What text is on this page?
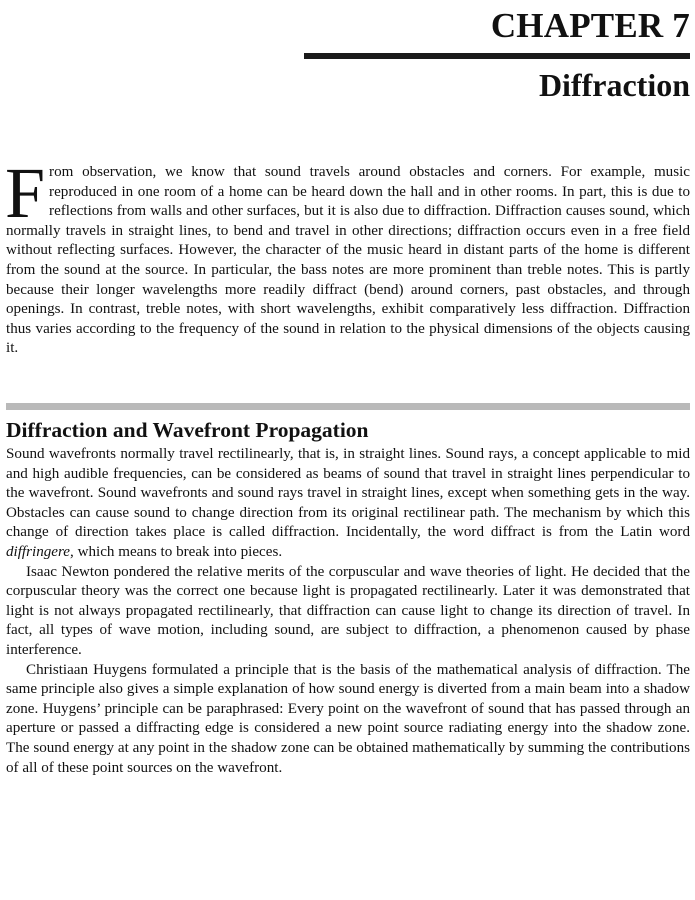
CHAPTER 7
Diffraction

From observation, we know that sound travels around obstacles and corners. For example, music reproduced in one room of a home can be heard down the hall and in other rooms. In part, this is due to reflections from walls and other surfaces, but it is also due to diffraction. Diffraction causes sound, which normally travels in straight lines, to bend and travel in other directions; diffraction occurs even in a free field without reflecting surfaces. However, the character of the music heard in distant parts of the home is different from the sound at the source. In particular, the bass notes are more prominent than treble notes. This is partly because their longer wavelengths more readily diffract (bend) around corners, past obstacles, and through openings. In contrast, treble notes, with short wavelengths, exhibit comparatively less diffraction. Diffraction thus varies according to the frequency of the sound in relation to the physical dimensions of the objects causing it.

Diffraction and Wavefront Propagation

Sound wavefronts normally travel rectilinearly, that is, in straight lines. Sound rays, a concept applicable to mid and high audible frequencies, can be considered as beams of sound that travel in straight lines perpendicular to the wavefront. Sound wavefronts and sound rays travel in straight lines, except when something gets in the way. Obstacles can cause sound to change direction from its original rectilinear path. The mechanism by which this change of direction takes place is called diffraction. Incidentally, the word diffract is from the Latin word diffringere, which means to break into pieces.

Isaac Newton pondered the relative merits of the corpuscular and wave theories of light. He decided that the corpuscular theory was the correct one because light is propagated rectilinearly. Later it was demonstrated that light is not always propagated rectilinearly, that diffraction can cause light to change its direction of travel. In fact, all types of wave motion, including sound, are subject to diffraction, a phenomenon caused by phase interference.

Christiaan Huygens formulated a principle that is the basis of the mathematical analysis of diffraction. The same principle also gives a simple explanation of how sound energy is diverted from a main beam into a shadow zone. Huygens’ principle can be paraphrased: Every point on the wavefront of sound that has passed through an aperture or passed a diffracting edge is considered a new point source radiating energy into the shadow zone. The sound energy at any point in the shadow zone can be obtained mathematically by summing the contributions of all of these point sources on the wavefront.
